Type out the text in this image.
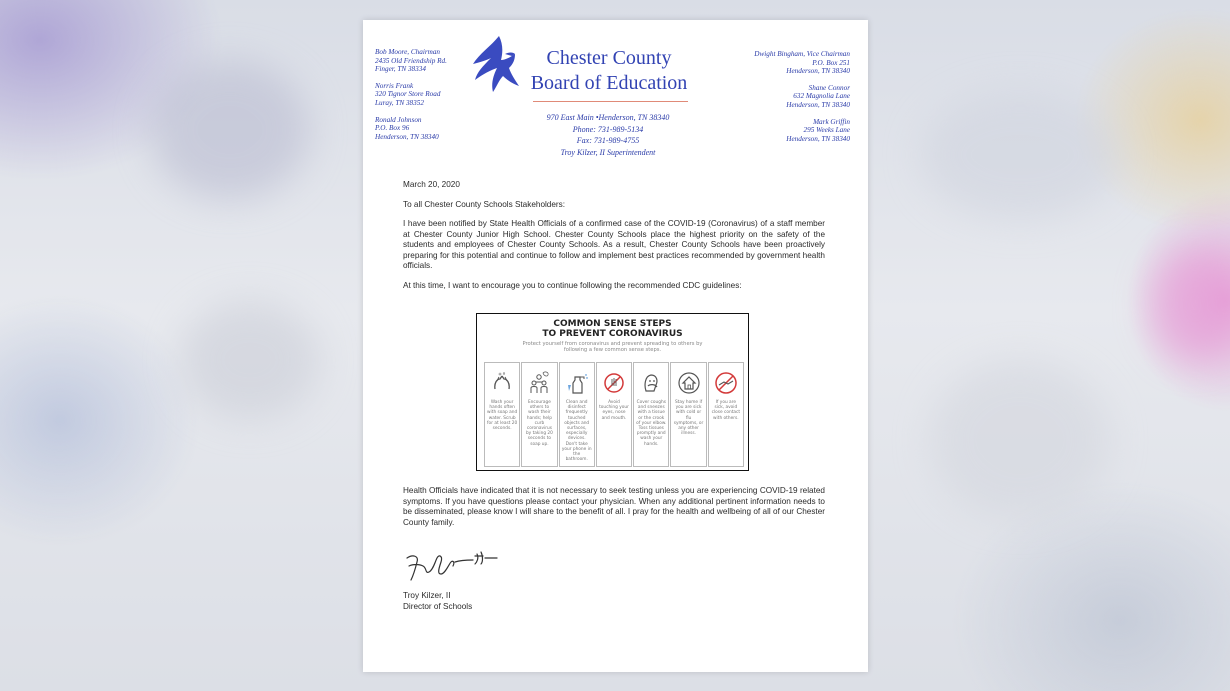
Chester County
Board of Education
970 East Main •Henderson, TN 38340
Phone: 731-989-5134
Fax: 731-989-4755
Troy Kilzer, II Superintendent
Bob Moore, Chairman
2435 Old Friendship Rd.
Finger, TN 38334
Norris Frank
320 Tignor Store Road
Luray, TN 38352
Ronald Johnson
P.O. Box 96
Henderson, TN 38340
Dwight Bingham, Vice Chairman
P.O. Box 251
Henderson, TN 38340
Shane Connor
632 Magnolia Lane
Henderson, TN 38340
Mark Griffin
295 Weeks Lane
Henderson, TN 38340

March 20, 2020

To all Chester County Schools Stakeholders:

I have been notified by State Health Officials of a confirmed case of the COVID-19 (Coronavirus) of a staff member at Chester County Junior High School. Chester County Schools place the highest priority on the safety of the students and employees of Chester County Schools. As a result, Chester County Schools have been proactively preparing for this potential and continue to follow and implement best practices recommended by government health officials.

At this time, I want to encourage you to continue following the recommended CDC guidelines:

COMMON SENSE STEPS
TO PREVENT CORONAVIRUS
Protect yourself from coronavirus and prevent spreading to others by following a few common sense steps.
Wash your hands often with soap and water. Scrub for at least 20 seconds.
Encourage others to wash their hands; help curb coronavirus by taking 20 seconds to soap up.
Clean and disinfect frequently touched objects and surfaces, especially devices. Don't take your phone in the bathroom.
Avoid touching your eyes, nose and mouth.
Cover coughs and sneezes with a tissue or the crook of your elbow. Toss tissues promptly and wash your hands.
Stay home if you are sick with cold or flu symptoms, or any other illness.
If you are sick, avoid close contact with others.

Health Officials have indicated that it is not necessary to seek testing unless you are experiencing COVID-19 related symptoms. If you have questions please contact your physician. When any additional pertinent information needs to be disseminated, please know I will share to the benefit of all. I pray for the health and wellbeing of all of our Chester County family.

Troy Kilzer, II
Director of Schools
